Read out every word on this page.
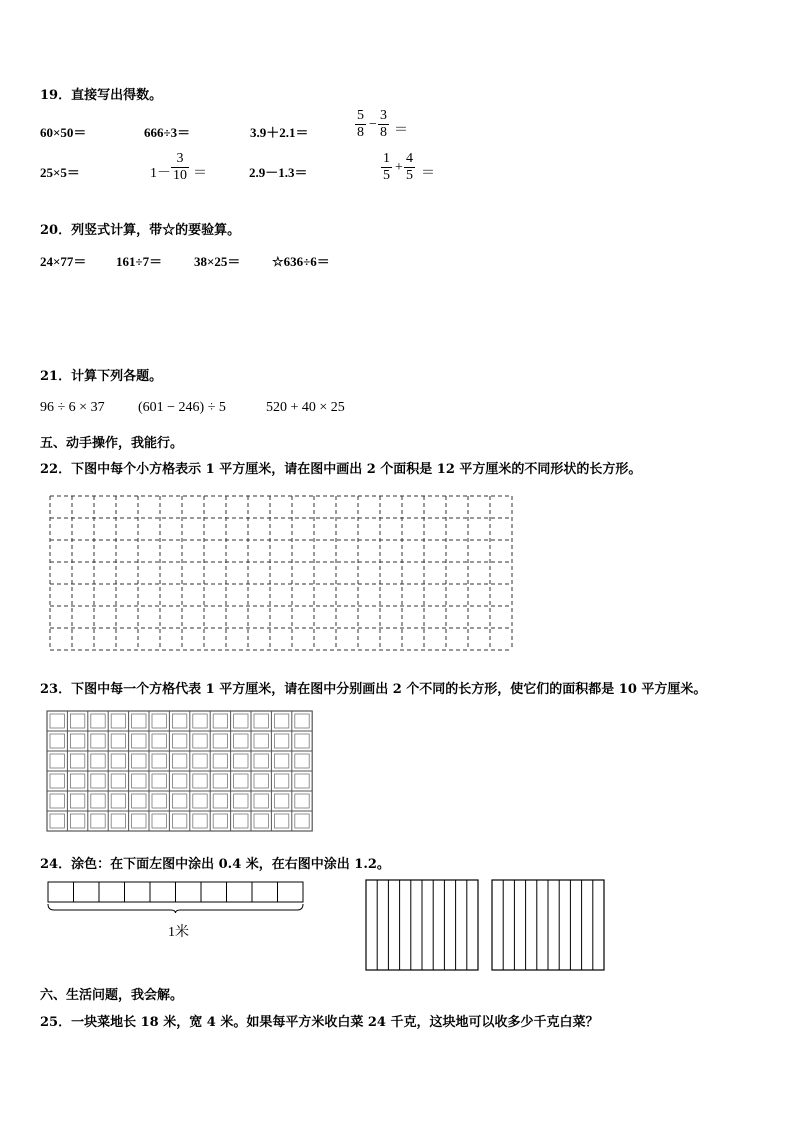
19．直接写出得数。
60×50＝	666÷3＝	3.9＋2.1＝	$\frac{5}{8} - \frac{3}{8}$ ＝
25×5＝	$1- \frac{3}{10}$ ＝	2.9－1.3＝	$\frac{1}{5} + \frac{4}{5}$ ＝
20．列竖式计算，带☆的要验算。
24×77＝ 161÷7＝ 38×25＝ ☆636÷6＝
21．计算下列各题。
96 ÷ 6 × 37 (601 − 246) ÷ 5	520 + 40 × 25
五、动手操作，我能行。
22．下图中每个小方格表示 1 平方厘米，请在图中画出 2 个面积是 12 平方厘米的不同形状的长方形。
23．下图中每一个方格代表 1 平方厘米，请在图中分别画出 2 个不同的长方形，使它们的面积都是 10 平方厘米。
24．涂色：在下面左图中涂出 0.4 米，在右图中涂出 1.2。
1米
六、生活问题，我会解。
25．一块菜地长 18 米，宽 4 米。如果每平方米收白菜 24 千克，这块地可以收多少千克白菜？
